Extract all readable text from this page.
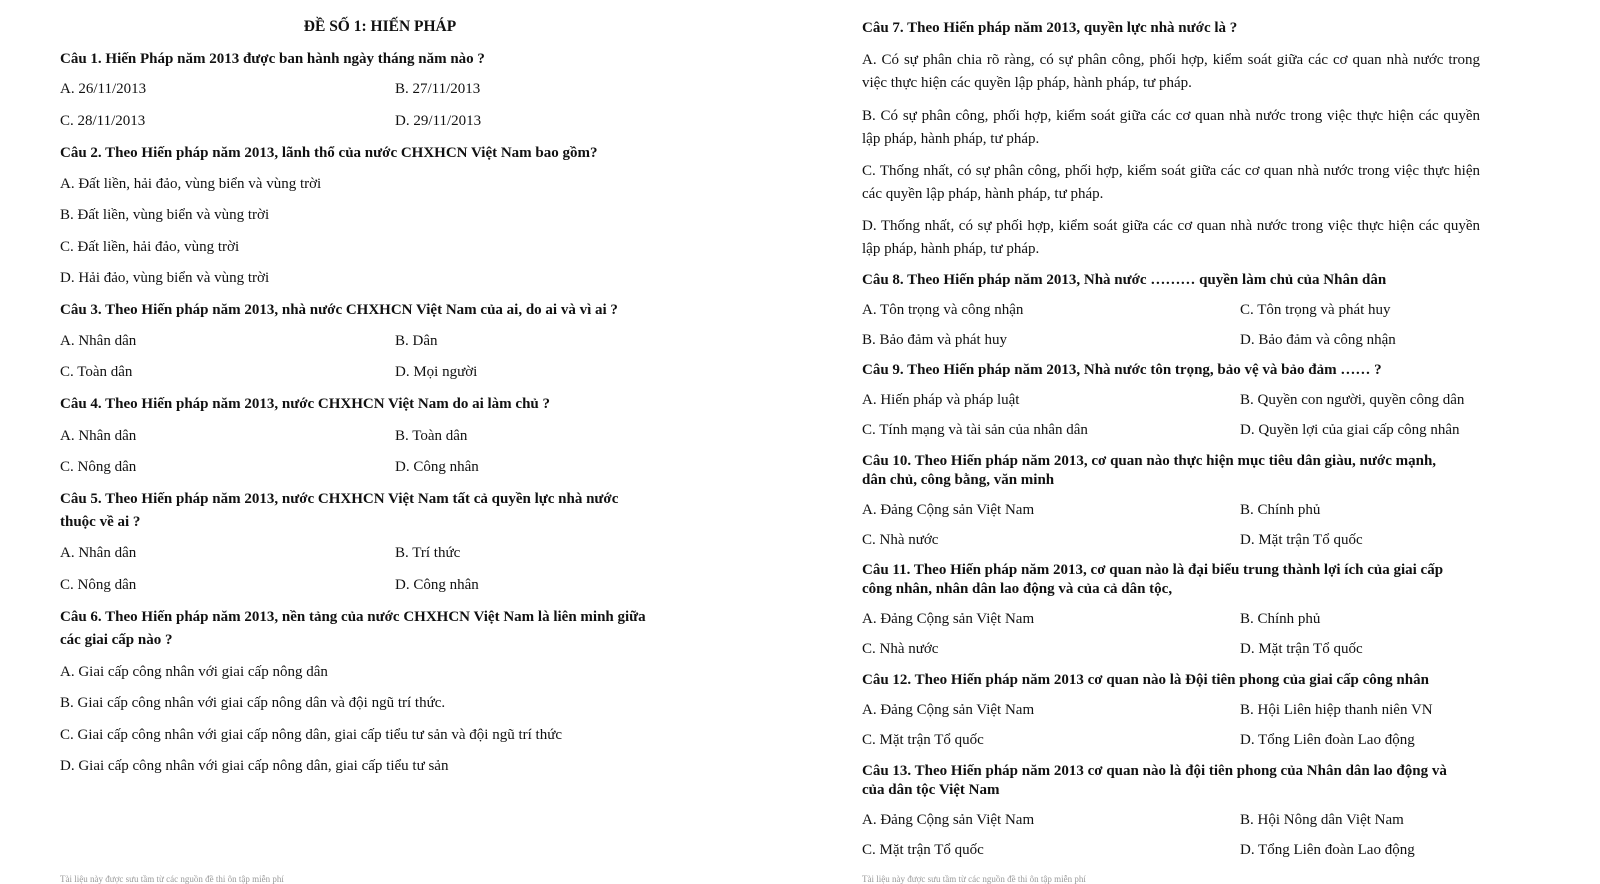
ĐỀ SỐ 1: HIẾN PHÁP
Câu 1. Hiến Pháp năm 2013 được ban hành ngày tháng năm nào ?
A. 26/11/2013	B. 27/11/2013
C. 28/11/2013	D. 29/11/2013
Câu 2. Theo Hiến pháp năm 2013, lãnh thổ của nước CHXHCN Việt Nam bao gồm?
A. Đất liền, hải đảo, vùng biển và vùng trời
B. Đất liền, vùng biển và vùng trời
C. Đất liền, hải đảo, vùng trời
D. Hải đảo, vùng biển và vùng trời
Câu 3. Theo Hiến pháp năm 2013, nhà nước CHXHCN Việt Nam của ai, do ai và vì ai ?
A. Nhân dân	B. Dân
C. Toàn dân	D. Mọi người
Câu 4. Theo Hiến pháp năm 2013, nước CHXHCN Việt Nam do ai làm chủ ?
A. Nhân dân	B. Toàn dân
C. Nông dân	D. Công nhân
Câu 5. Theo Hiến pháp năm 2013, nước CHXHCN Việt Nam tất cả quyền lực nhà nước
thuộc về ai ?
A. Nhân dân	B. Trí thức
C. Nông dân	D. Công nhân
Câu 6. Theo Hiến pháp năm 2013, nền tảng của nước CHXHCN Việt Nam là liên minh giữa
các giai cấp nào ?
A. Giai cấp công nhân với giai cấp nông dân
B. Giai cấp công nhân với giai cấp nông dân và đội ngũ trí thức.
C. Giai cấp công nhân với giai cấp nông dân, giai cấp tiểu tư sản và đội ngũ trí thức
D. Giai cấp công nhân với giai cấp nông dân, giai cấp tiểu tư sản
Tài liệu này được sưu tầm từ các nguồn đề thi ôn tập miễn phí
Câu 7. Theo Hiến pháp năm 2013, quyền lực nhà nước là ?
A. Có sự phân chia rõ ràng, có sự phân công, phối hợp, kiểm soát giữa các cơ quan nhà nước trong việc thực hiện các quyền lập pháp, hành pháp, tư pháp.
B. Có sự phân công, phối hợp, kiểm soát giữa các cơ quan nhà nước trong việc thực hiện các quyền lập pháp, hành pháp, tư pháp.
C. Thống nhất, có sự phân công, phối hợp, kiểm soát giữa các cơ quan nhà nước trong việc thực hiện các quyền lập pháp, hành pháp, tư pháp.
D. Thống nhất, có sự phối hợp, kiểm soát giữa các cơ quan nhà nước trong việc thực hiện các quyền lập pháp, hành pháp, tư pháp.
Câu 8. Theo Hiến pháp năm 2013, Nhà nước ……… quyền làm chủ của Nhân dân
A. Tôn trọng và công nhận	C. Tôn trọng và phát huy
B. Bảo đảm và phát huy	D. Bảo đảm và công nhận
Câu 9. Theo Hiến pháp năm 2013, Nhà nước tôn trọng, bảo vệ và bảo đảm …… ?
A. Hiến pháp và pháp luật	B. Quyền con người, quyền công dân
C. Tính mạng và tài sản của nhân dân	D. Quyền lợi của giai cấp công nhân
Câu 10. Theo Hiến pháp năm 2013, cơ quan nào thực hiện mục tiêu dân giàu, nước mạnh,
dân chủ, công bằng, văn minh
A. Đảng Cộng sản Việt Nam	B. Chính phủ
C. Nhà nước	D. Mặt trận Tổ quốc
Câu 11. Theo Hiến pháp năm 2013, cơ quan nào là đại biểu trung thành lợi ích của giai cấp
công nhân, nhân dân lao động và của cả dân tộc,
A. Đảng Cộng sản Việt Nam	B. Chính phủ
C. Nhà nước	D. Mặt trận Tổ quốc
Câu 12. Theo Hiến pháp năm 2013 cơ quan nào là Đội tiên phong của giai cấp công nhân
A. Đảng Cộng sản Việt Nam	B. Hội Liên hiệp thanh niên VN
C. Mặt trận Tổ quốc	D. Tổng Liên đoàn Lao động
Câu 13. Theo Hiến pháp năm 2013 cơ quan nào là đội tiên phong của Nhân dân lao động và
của dân tộc Việt Nam
A. Đảng Cộng sản Việt Nam	B. Hội Nông dân Việt Nam
C. Mặt trận Tổ quốc	D. Tổng Liên đoàn Lao động
Tài liệu này được sưu tầm từ các nguồn đề thi ôn tập miễn phí
